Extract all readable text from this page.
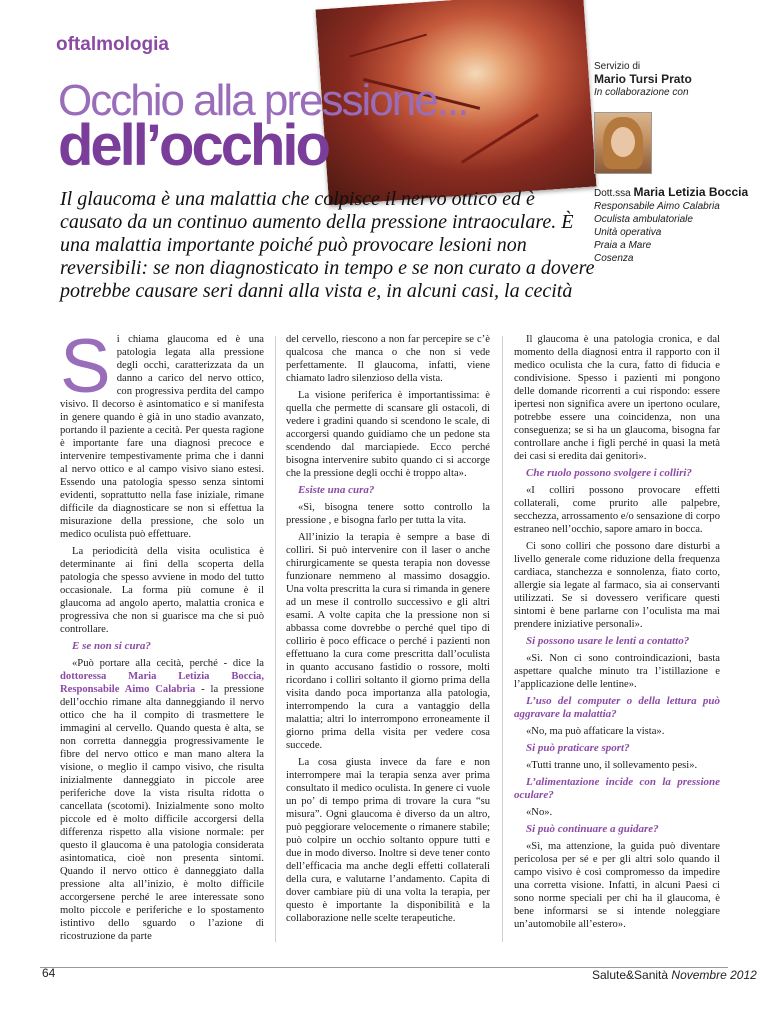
oftalmologia
Occhio alla pressione...
dell’occhio
Servizio di
Mario Tursi Prato
In collaborazione con
Dott.ssa Maria Letizia Boccia
Responsabile Aimo Calabria
Oculista ambulatoriale
Unità operativa
Praia a Mare
Cosenza
Il glaucoma è una malattia che colpisce il nervo ottico ed è causato da un continuo aumento della pressione intraoculare. È una malattia importante poiché può provocare lesioni non reversibili: se non diagnosticato in tempo e se non curato a dovere potrebbe causare seri danni alla vista e, in alcuni casi, la cecità

Si chiama glaucoma ed è una patologia legata alla pressione degli occhi, caratterizzata da un danno a carico del nervo ottico, con progressiva perdita del campo visivo. Il decorso è asintomatico e si manifesta in genere quando è già in uno stadio avanzato, portando il paziente a cecità. Per questa ragione è importante fare una diagnosi precoce e intervenire tempestivamente prima che i danni al nervo ottico e al campo visivo siano estesi. Essendo una patologia spesso senza sintomi evidenti, soprattutto nella fase iniziale, rimane difficile da diagnosticare se non si effettua la misurazione della pressione, che solo un medico oculista può effettuare.

La periodicità della visita oculistica è determinante ai fini della scoperta della patologia che spesso avviene in modo del tutto occasionale. La forma più comune è il glaucoma ad angolo aperto, malattia cronica e progressiva che non si guarisce ma che si può controllare.

E se non si cura?

«Può portare alla cecità, perché - dice la dottoressa Maria Letizia Boccia, Responsabile Aimo Calabria - la pressione dell’occhio rimane alta danneggiando il nervo ottico che ha il compito di trasmettere le immagini al cervello. Quando questa è alta, se non corretta danneggia progressivamente le fibre del nervo ottico e man mano altera la visione, o meglio il campo visivo, che risulta inizialmente danneggiato in piccole aree periferiche dove la vista risulta ridotta o cancellata (scotomi). Inizialmente sono molto piccole ed è molto difficile accorgersi della differenza rispetto alla visione normale: per questo il glaucoma è una patologia considerata asintomatica, cioè non presenta sintomi. Quando il nervo ottico è danneggiato dalla pressione alta all’inizio, è molto difficile accorgersene perché le aree interessate sono molto piccole e periferiche e lo spostamento istintivo dello sguardo o l’azione di ricostruzione da parte

del cervello, riescono a non far percepire se c’è qualcosa che manca o che non si vede perfettamente. Il glaucoma, infatti, viene chiamato ladro silenzioso della vista.

La visione periferica è importantissima: è quella che permette di scansare gli ostacoli, di vedere i gradini quando si scendono le scale, di accorgersi quando guidiamo che un pedone sta scendendo dal marciapiede. Ecco perché bisogna intervenire subito quando ci si accorge che la pressione degli occhi è troppo alta».

Esiste una cura?

«Sì, bisogna tenere sotto controllo la pressione , e bisogna farlo per tutta la vita.

All’inizio la terapia è sempre a base di colliri. Si può intervenire con il laser o anche chirurgicamente se questa terapia non dovesse funzionare nemmeno al massimo dosaggio. Una volta prescritta la cura si rimanda in genere ad un mese il controllo successivo e gli altri esami. A volte capita che la pressione non si abbassa come dovrebbe o perché quel tipo di collirio è poco efficace o perché i pazienti non effettuano la cura come prescritta dall’oculista in quanto accusano fastidio o rossore, molti ricordano i colliri soltanto il giorno prima della visita dando poca importanza alla patologia, interrompendo la cura a vantaggio della malattia; altri lo interrompono erroneamente il giorno prima della visita per vedere cosa succede.

La cosa giusta invece da fare e non interrompere mai la terapia senza aver prima consultato il medico oculista. In genere ci vuole un po’ di tempo prima di trovare la cura “su misura”. Ogni glaucoma è diverso da un altro, può peggiorare velocemente o rimanere stabile; può colpire un occhio soltanto oppure tutti e due in modo diverso. Inoltre si deve tener conto dell’efficacia ma anche degli effetti collaterali della cura, e valutarne l’andamento. Capita di dover cambiare più di una volta la terapia, per questo è importante la disponibilità e la collaborazione nelle scelte terapeutiche.

Il glaucoma è una patologia cronica, e dal momento della diagnosi entra il rapporto con il medico oculista che la cura, fatto di fiducia e condivisione. Spesso i pazienti mi pongono delle domande ricorrenti a cui rispondo: essere ipertesi non significa avere un ipertono oculare, potrebbe essere una coincidenza, non una conseguenza; se si ha un glaucoma, bisogna far controllare anche i figli perché in quasi la metà dei casi si eredita dai genitori».

Che ruolo possono svolgere i colliri?

«I colliri possono provocare effetti collaterali, come prurito alle palpebre, secchezza, arrossamento e/o sensazione di corpo estraneo nell’occhio, sapore amaro in bocca.

Ci sono colliri che possono dare disturbi a livello generale come riduzione della frequenza cardiaca, stanchezza e sonnolenza, fiato corto, allergie sia legate al farmaco, sia ai conservanti utilizzati. Se si dovessero verificare questi sintomi è bene parlarne con l’oculista ma mai prendere iniziative personali».

Si possono usare le lenti a contatto?

«Sì. Non ci sono controindicazioni, basta aspettare qualche minuto tra l’istillazione e l’applicazione delle lentine».

L’uso del computer o della lettura può aggravare la malattia?

«No, ma può affaticare la vista».

Si può praticare sport?

«Tutti tranne uno, il sollevamento pesi».

L’alimentazione incide con la pressione oculare?

«No».

Si può continuare a guidare?

«Sì, ma attenzione, la guida può diventare pericolosa per sé e per gli altri solo quando il campo visivo è così compromesso da impedire una corretta visione. Infatti, in alcuni Paesi ci sono norme speciali per chi ha il glaucoma, è bene informarsi se si intende noleggiare un’automobile all’estero».

64	Salute&Sanità Novembre 2012
